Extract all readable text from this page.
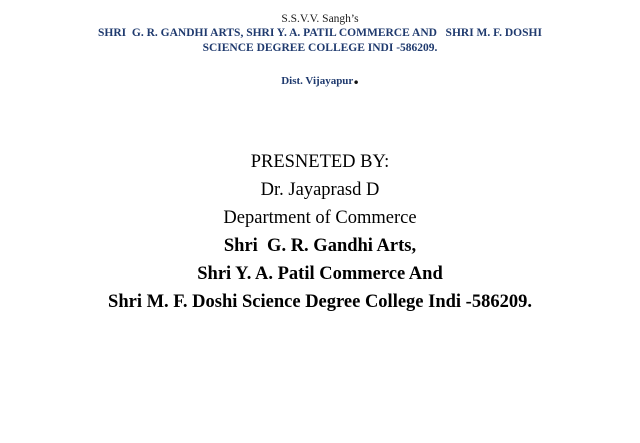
S.S.V.V. Sangh’s
SHRI  G. R. GANDHI ARTS, SHRI Y. A. PATIL COMMERCE AND   SHRI M. F. DOSHI
SCIENCE DEGREE COLLEGE INDI -586209.
Dist. Vijayapur.
PRESNETED BY:
Dr. Jayaprasd D
Department of Commerce
Shri  G. R. Gandhi Arts,
Shri Y. A. Patil Commerce And
Shri M. F. Doshi Science Degree College Indi -586209.
